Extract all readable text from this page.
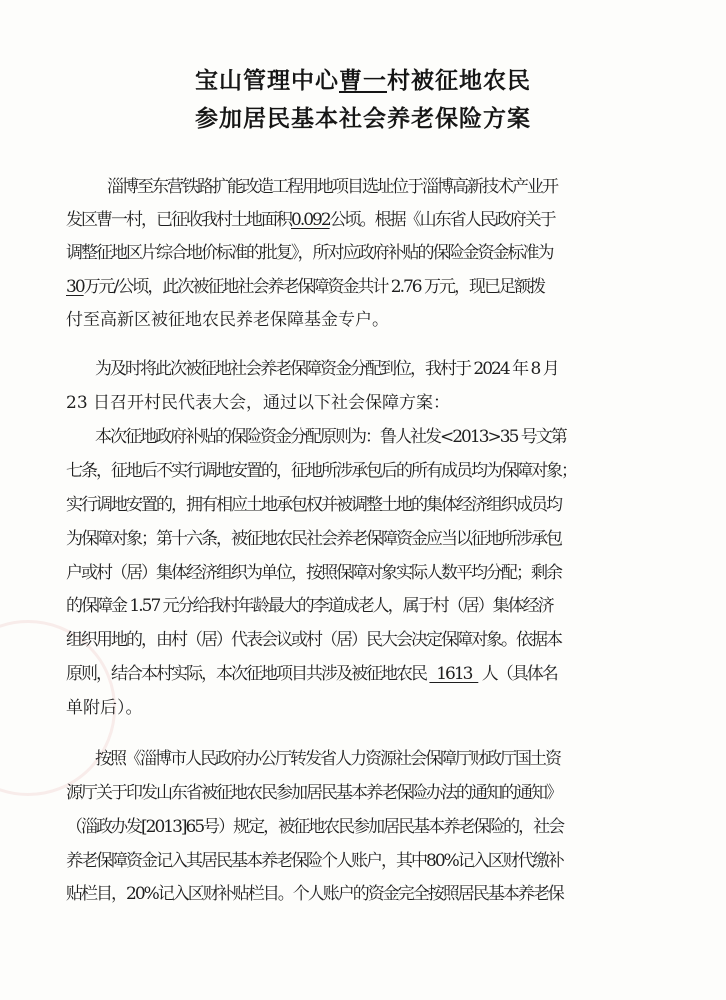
宝山管理中心曹一村被征地农民
参加居民基本社会养老保险方案
淄博至东营铁路扩能改造工程用地项目选址位于淄博高新技术产业开
发区曹一村，已征收我村土地面积0.092公顷。根据《山东省人民政府关于
调整征地区片综合地价标准的批复》，所对应政府补贴的保险金资金标准为
30万元/公顷，此次被征地社会养老保障资金共计 2.76 万元，现已足额拨
付至高新区被征地农民养老保障基金专户。
为及时将此次被征地社会养老保障资金分配到位，我村于 2024 年 8 月
23 日召开村民代表大会，通过以下社会保障方案：
本次征地政府补贴的保险资金分配原则为：鲁人社发<2013>35 号文第
七条，征地后不实行调地安置的，征地所涉承包后的所有成员均为保障对象；
实行调地安置的，拥有相应土地承包权并被调整土地的集体经济组织成员均
为保障对象；第十六条，被征地农民社会养老保障资金应当以征地所涉承包
户或村（居）集体经济组织为单位，按照保障对象实际人数平均分配；剩余
的保障金 1.57 元分给我村年龄最大的李道成老人，属于村（居）集体经济
组织用地的，由村（居）代表会议或村（居）民大会决定保障对象。依据本
原则，结合本村实际，本次征地项目共涉及被征地农民   1613   人（具体名
单附后）。
按照《淄博市人民政府办公厅转发省人力资源社会保障厅财政厅国土资
源厅关于印发山东省被征地农民参加居民基本养老保险办法的通知的通知》
（淄政办发[2013]65号）规定，被征地农民参加居民基本养老保险的，社会
养老保障资金记入其居民基本养老保险个人账户，其中80%记入区财代缴补
贴栏目，20%记入区财补贴栏目。个人账户的资金完全按照居民基本养老保
